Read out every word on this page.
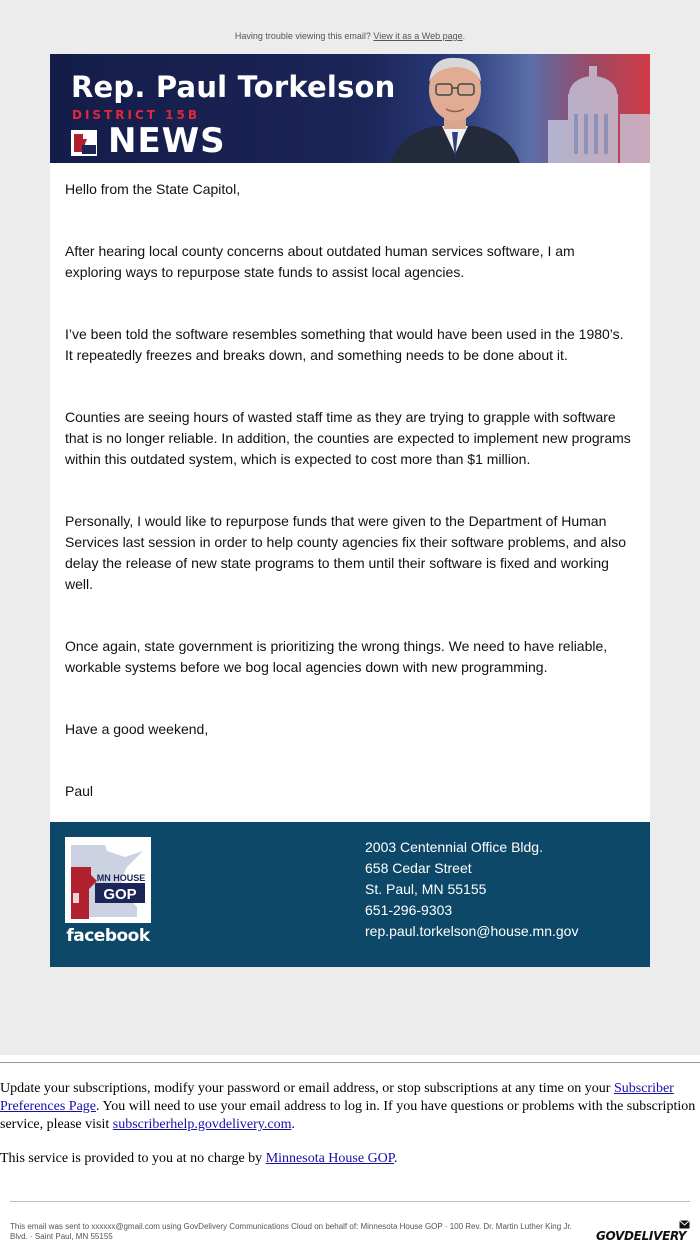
Having trouble viewing this email? View it as a Web page.
Rep. Paul Torkelson
DISTRICT 15B
NEWS

Hello from the State Capitol,

After hearing local county concerns about outdated human services software, I am exploring ways to repurpose state funds to assist local agencies.

I’ve been told the software resembles something that would have been used in the 1980’s. It repeatedly freezes and breaks down, and something needs to be done about it.

Counties are seeing hours of wasted staff time as they are trying to grapple with software that is no longer reliable. In addition, the counties are expected to implement new programs within this outdated system, which is expected to cost more than $1 million.

Personally, I would like to repurpose funds that were given to the Department of Human Services last session in order to help county agencies fix their software problems, and also delay the release of new state programs to them until their software is fixed and working well.

Once again, state government is prioritizing the wrong things. We need to have reliable, workable systems before we bog local agencies down with new programming.

Have a good weekend,

Paul

MN HOUSE
GOP
facebook
2003 Centennial Office Bldg.
658 Cedar Street
St. Paul, MN 55155
651-296-9303
rep.paul.torkelson@house.mn.gov

Update your subscriptions, modify your password or email address, or stop subscriptions at any time on your Subscriber Preferences Page. You will need to use your email address to log in. If you have questions or problems with the subscription service, please visit subscriberhelp.govdelivery.com.

This service is provided to you at no charge by Minnesota House GOP.

This email was sent to xxxxxx@gmail.com using GovDelivery Communications Cloud on behalf of: Minnesota House GOP · 100 Rev. Dr. Martin Luther King Jr. Blvd. · Saint Paul, MN 55155	GOVDELIVERY
